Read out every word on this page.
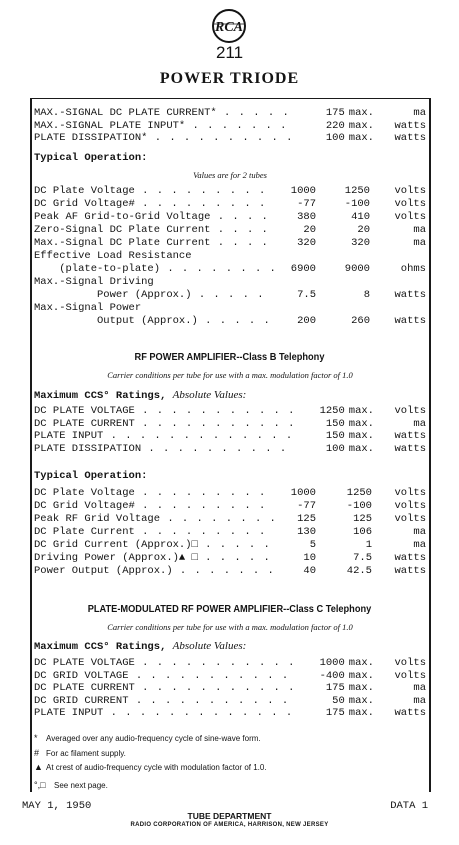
RCA
211
POWER TRIODE
MAX.-SIGNAL DC PLATE CURRENT* . . .	175 max.	ma
MAX.-SIGNAL PLATE INPUT* . . .	220 max.	watts
PLATE DISSIPATION* . . .	100 max.	watts
Typical Operation:
Values are for 2 tubes
DC Plate Voltage . . .	1000	1250	volts
DC Grid Voltage# . . .	-77	-100	volts
Peak AF Grid-to-Grid Voltage . . .	380	410	volts
Zero-Signal DC Plate Current . . .	20	20	ma
Max.-Signal DC Plate Current . . .	320	320	ma
Effective Load Resistance
(plate-to-plate) . . .	6900	9000	ohms
Max.-Signal Driving
Power (Approx.) . . .	7.5	8	watts
Max.-Signal Power
Output (Approx.) . . .	200	260	watts
RF POWER AMPLIFIER--Class B Telephony
Carrier conditions per tube for use with a max. modulation factor of 1.0
Maximum CCS° Ratings, Absolute Values:
DC PLATE VOLTAGE . . .	1250 max.	volts
DC PLATE CURRENT . . .	150 max.	ma
PLATE INPUT . . .	150 max.	watts
PLATE DISSIPATION . . .	100 max.	watts
Typical Operation:
DC Plate Voltage . . .	1000	1250	volts
DC Grid Voltage# . . .	-77	-100	volts
Peak RF Grid Voltage . . .	125	125	volts
DC Plate Current . . .	130	106	ma
DC Grid Current (Approx.)□ . . .	5	1	ma
Driving Power (Approx.)▲ □ . . .	10	7.5	watts
Power Output (Approx.) . . .	40	42.5	watts
PLATE-MODULATED RF POWER AMPLIFIER--Class C Telephony
Carrier conditions per tube for use with a max. modulation factor of 1.0
Maximum CCS° Ratings, Absolute Values:
DC PLATE VOLTAGE . . .	1000 max.	volts
DC GRID VOLTAGE . . .	-400 max.	volts
DC PLATE CURRENT . . .	175 max.	ma
DC GRID CURRENT . . .	50 max.	ma
PLATE INPUT . . .	175 max.	watts
*	Averaged over any audio-frequency cycle of sine-wave form.
# For ac filament supply.
▲ At crest of audio-frequency cycle with modulation factor of 1.0.
°,□	See next page.
MAY 1, 1950
TUBE DEPARTMENT
RADIO CORPORATION OF AMERICA, HARRISON, NEW JERSEY
DATA 1
